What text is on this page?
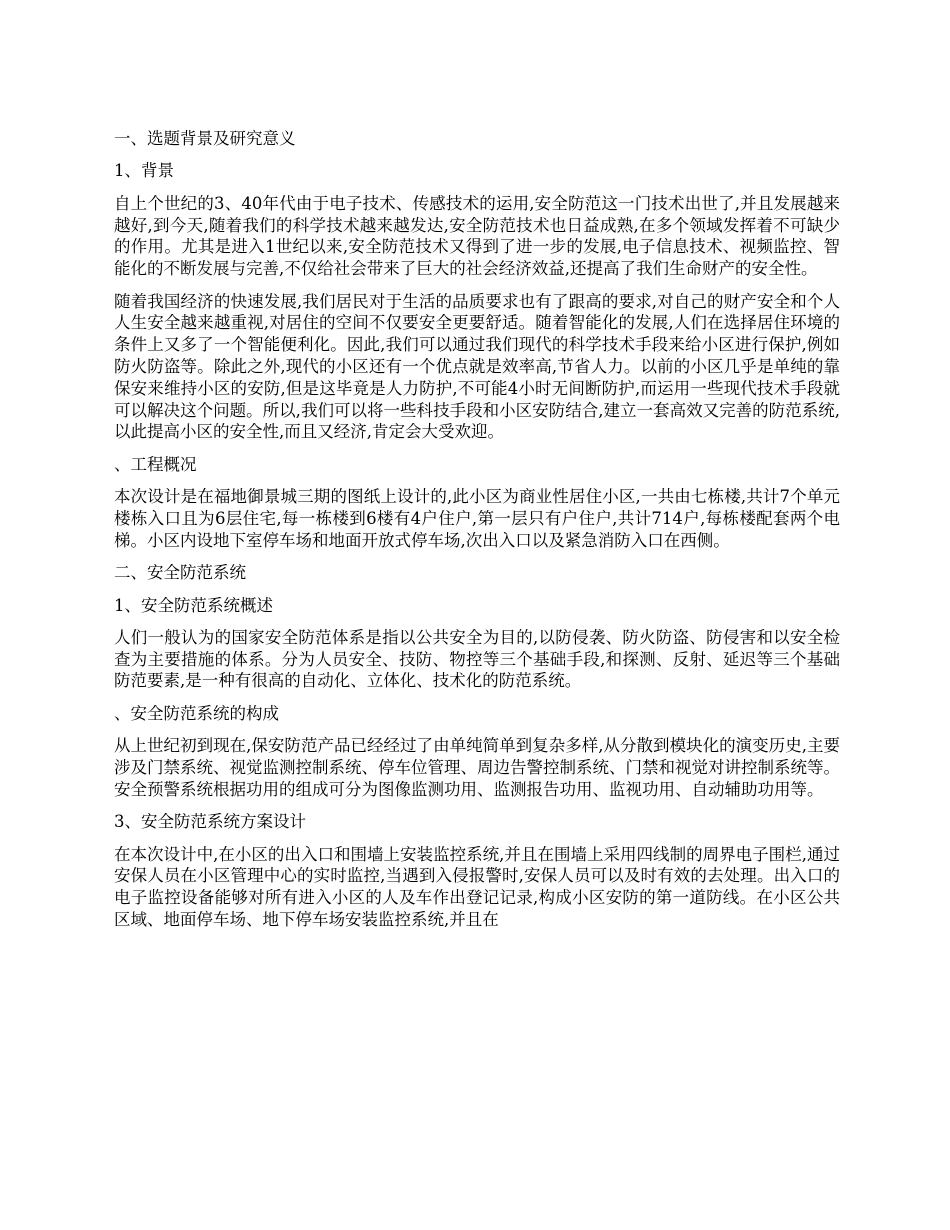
一、选题背景及研究意义
1、背景

自上个世纪的3、40年代由于电子技术、传感技术的运用,安全防范这一门技术出世了,并且发展越来越好,到今天,随着我们的科学技术越来越发达,安全防范技术也日益成熟,在多个领域发挥着不可缺少的作用。尤其是进入1世纪以来,安全防范技术又得到了进一步的发展,电子信息技术、视频监控、智能化的不断发展与完善,不仅给社会带来了巨大的社会经济效益,还提高了我们生命财产的安全性。

随着我国经济的快速发展,我们居民对于生活的品质要求也有了跟高的要求,对自己的财产安全和个人人生安全越来越重视,对居住的空间不仅要安全更要舒适。随着智能化的发展,人们在选择居住环境的条件上又多了一个智能便利化。因此,我们可以通过我们现代的科学技术手段来给小区进行保护,例如防火防盗等。除此之外,现代的小区还有一个优点就是效率高,节省人力。以前的小区几乎是单纯的靠保安来维持小区的安防,但是这毕竟是人力防护,不可能4小时无间断防护,而运用一些现代技术手段就可以解决这个问题。所以,我们可以将一些科技手段和小区安防结合,建立一套高效又完善的防范系统,以此提高小区的安全性,而且又经济,肯定会大受欢迎。

、工程概况

本次设计是在福地御景城三期的图纸上设计的,此小区为商业性居住小区,一共由七栋楼,共计7个单元楼栋入口且为6层住宅,每一栋楼到6楼有4户住户,第一层只有户住户,共计714户,每栋楼配套两个电梯。小区内设地下室停车场和地面开放式停车场,次出入口以及紧急消防入口在西侧。

二、安全防范系统
1、安全防范系统概述

人们一般认为的国家安全防范体系是指以公共安全为目的,以防侵袭、防火防盗、防侵害和以安全检查为主要措施的体系。分为人员安全、技防、物控等三个基础手段,和探测、反射、延迟等三个基础防范要素,是一种有很高的自动化、立体化、技术化的防范系统。

、安全防范系统的构成

从上世纪初到现在,保安防范产品已经经过了由单纯简单到复杂多样,从分散到模块化的演变历史,主要涉及门禁系统、视觉监测控制系统、停车位管理、周边告警控制系统、门禁和视觉对讲控制系统等。安全预警系统根据功用的组成可分为图像监测功用、监测报告功用、监视功用、自动辅助功用等。

3、安全防范系统方案设计

在本次设计中,在小区的出入口和围墙上安装监控系统,并且在围墙上采用四线制的周界电子围栏,通过安保人员在小区管理中心的实时监控,当遇到入侵报警时,安保人员可以及时有效的去处理。出入口的电子监控设备能够对所有进入小区的人及车作出登记记录,构成小区安防的第一道防线。在小区公共区域、地面停车场、地下停车场安装监控系统,并且在
